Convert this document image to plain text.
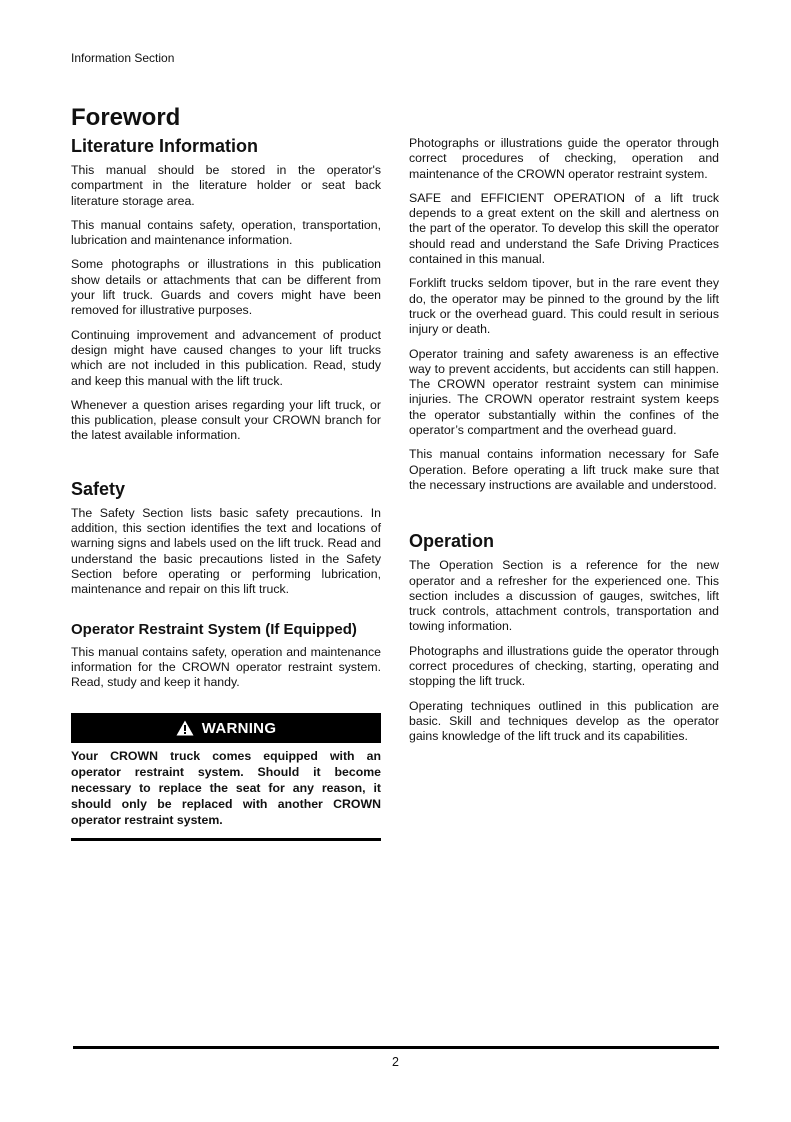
Information Section
Foreword
Literature Information

This manual should be stored in the operator's compartment in the literature holder or seat back literature storage area.

This manual contains safety, operation, transportation, lubrication and maintenance information.

Some photographs or illustrations in this publication show details or attachments that can be different from your lift truck. Guards and covers might have been removed for illustrative purposes.

Continuing improvement and advancement of product design might have caused changes to your lift trucks which are not included in this publication. Read, study and keep this manual with the lift truck.

Whenever a question arises regarding your lift truck, or this publication, please consult your CROWN branch for the latest available information.

Safety

The Safety Section lists basic safety precautions. In addition, this section identifies the text and locations of warning signs and labels used on the lift truck. Read and understand the basic precautions listed in the Safety Section before operating or performing lubrication, maintenance and repair on this lift truck.

Operator Restraint System (If Equipped)

This manual contains safety, operation and maintenance information for the CROWN operator restraint system. Read, study and keep it handy.

WARNING

Your CROWN truck comes equipped with an operator restraint system. Should it become necessary to replace the seat for any reason, it should only be replaced with another CROWN operator restraint system.

Photographs or illustrations guide the operator through correct procedures of checking, operation and maintenance of the CROWN operator restraint system.

SAFE and EFFICIENT OPERATION of a lift truck depends to a great extent on the skill and alertness on the part of the operator. To develop this skill the operator should read and understand the Safe Driving Practices contained in this manual.

Forklift trucks seldom tipover, but in the rare event they do, the operator may be pinned to the ground by the lift truck or the overhead guard. This could result in serious injury or death.

Operator training and safety awareness is an effective way to prevent accidents, but accidents can still happen. The CROWN operator restraint system can minimise injuries. The CROWN operator restraint system keeps the operator substantially within the confines of the operator’s compartment and the overhead guard.

This manual contains information necessary for Safe Operation. Before operating a lift truck make sure that the necessary instructions are available and understood.

Operation

The Operation Section is a reference for the new operator and a refresher for the experienced one. This section includes a discussion of gauges, switches, lift truck controls, attachment controls, transportation and towing information.

Photographs and illustrations guide the operator through correct procedures of checking, starting, operating and stopping the lift truck.

Operating techniques outlined in this publication are basic. Skill and techniques develop as the operator gains knowledge of the lift truck and its capabilities.

2
